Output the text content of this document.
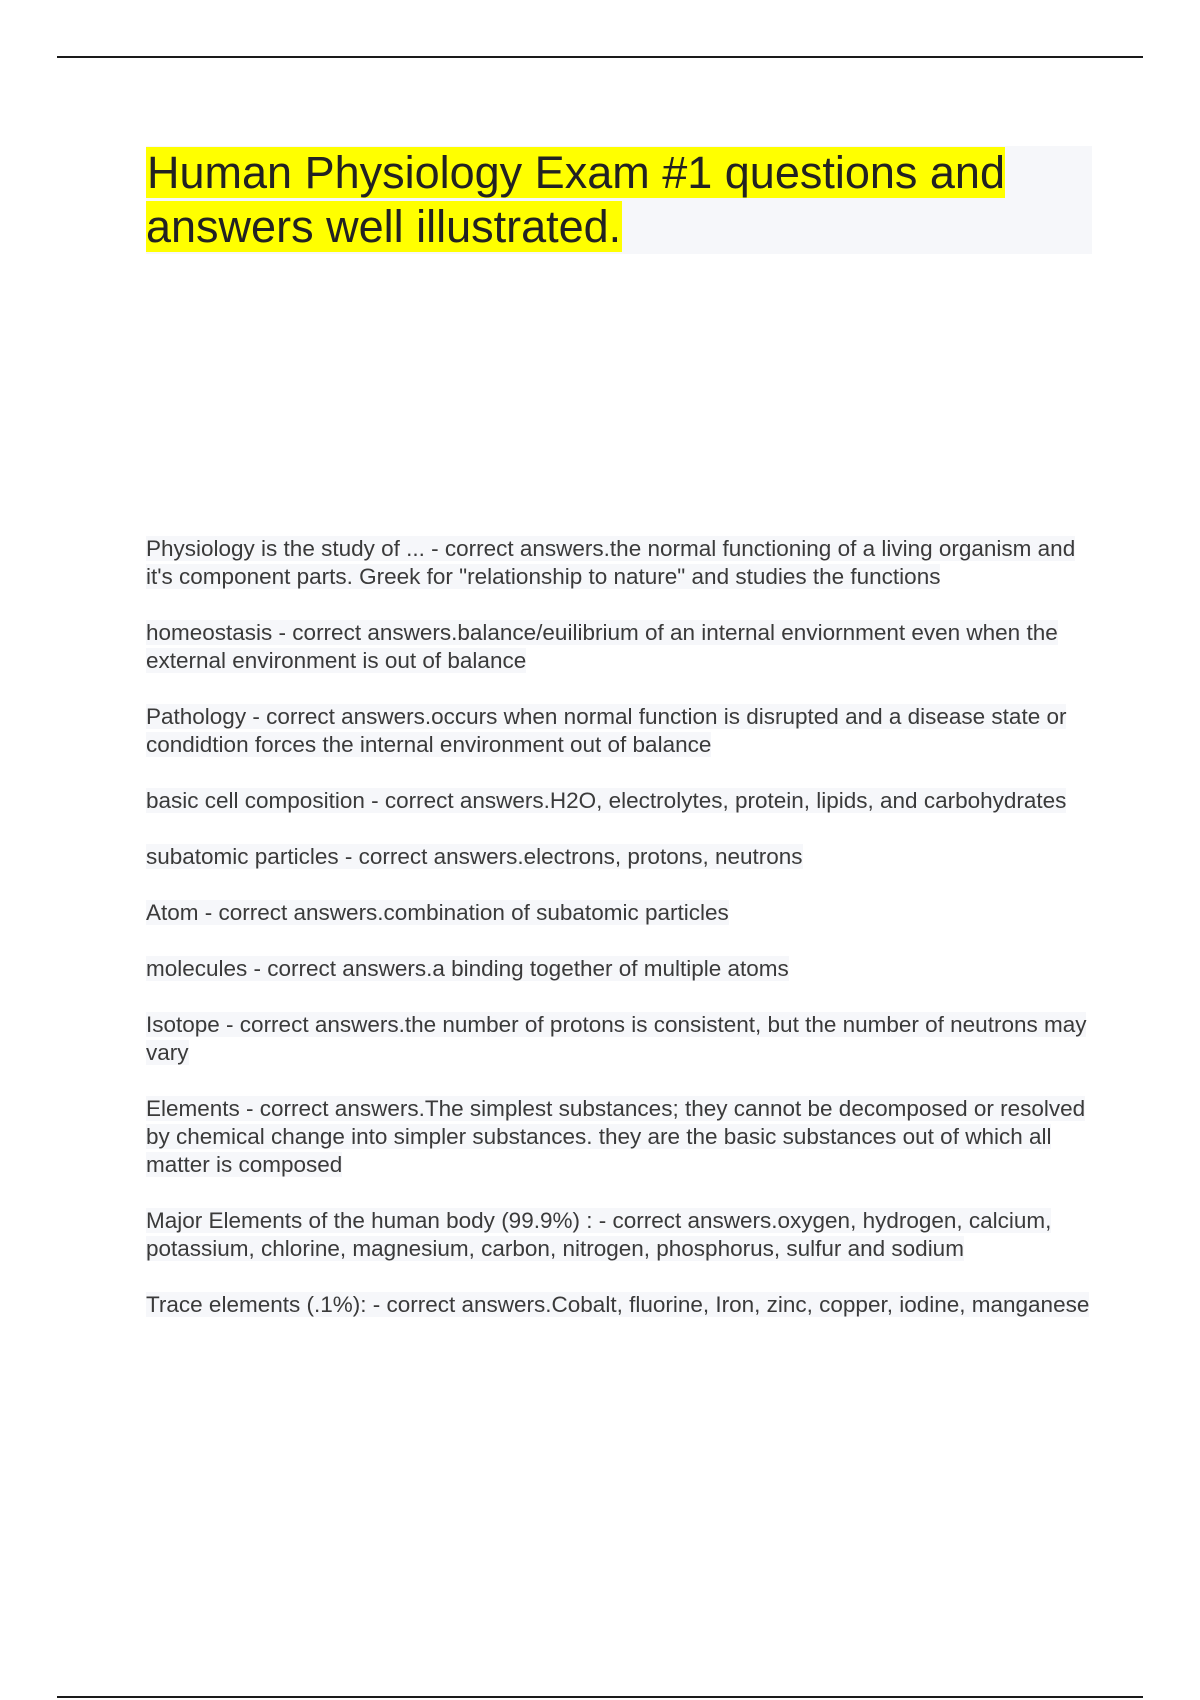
Human Physiology Exam #1 questions and answers well illustrated.
Physiology is the study of ... - correct answers.the normal functioning of a living organism and it's component parts. Greek for "relationship to nature" and studies the functions
homeostasis - correct answers.balance/euilibrium of an internal enviornment even when the external environment is out of balance
Pathology - correct answers.occurs when normal function is disrupted and a disease state or condidtion forces the internal environment out of balance
basic cell composition - correct answers.H2O, electrolytes, protein, lipids, and carbohydrates
subatomic particles - correct answers.electrons, protons, neutrons
Atom - correct answers.combination of subatomic particles
molecules - correct answers.a binding together of multiple atoms
Isotope - correct answers.the number of protons is consistent, but the number of neutrons may vary
Elements - correct answers.The simplest substances; they cannot be decomposed or resolved by chemical change into simpler substances. they are the basic substances out of which all matter is composed
Major Elements of the human body (99.9%) : - correct answers.oxygen, hydrogen, calcium, potassium, chlorine, magnesium, carbon, nitrogen, phosphorus, sulfur and sodium
Trace elements (.1%): - correct answers.Cobalt, fluorine, Iron, zinc, copper, iodine, manganese
